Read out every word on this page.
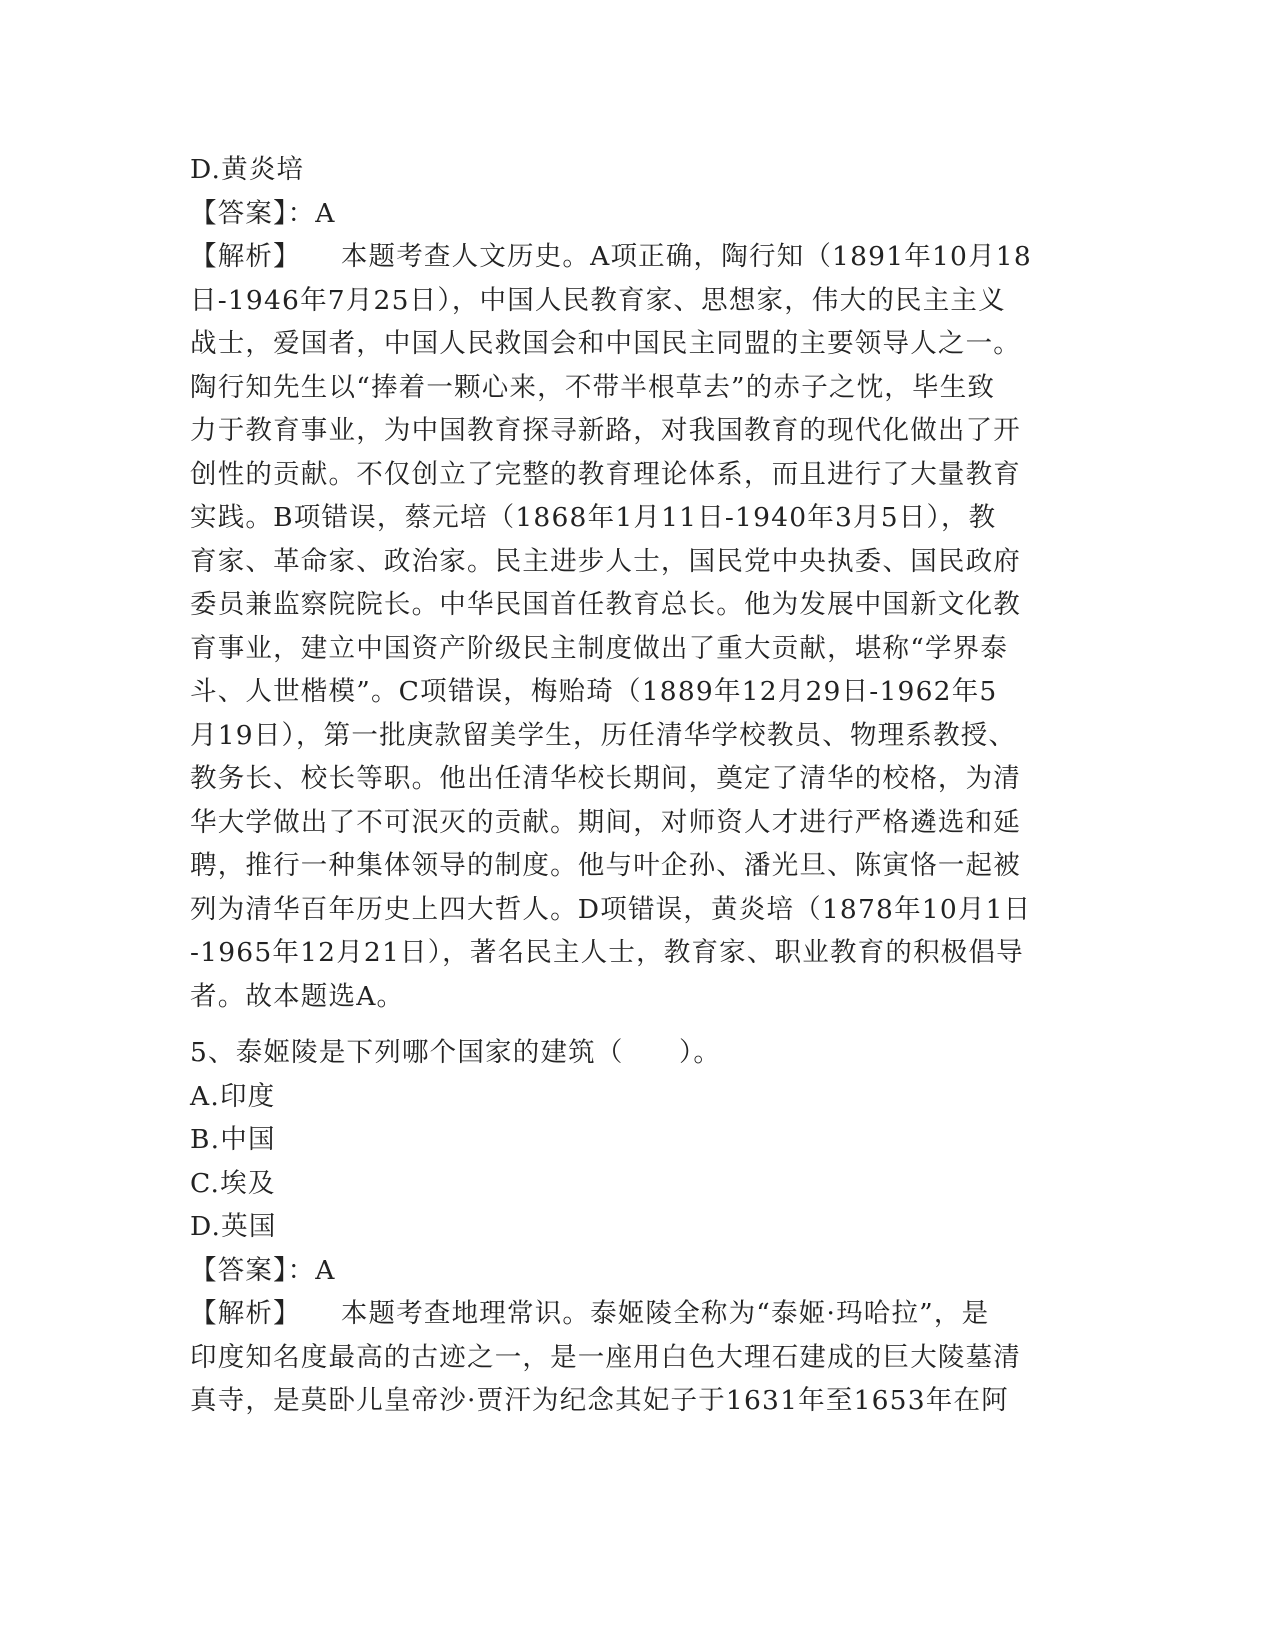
D.黄炎培
【答案】：A
【解析】 本题考查人文历史。A项正确，陶行知（1891年10月18
日-1946年7月25日），中国人民教育家、思想家，伟大的民主主义
战士，爱国者，中国人民救国会和中国民主同盟的主要领导人之一。
陶行知先生以“捧着一颗心来，不带半根草去”的赤子之忱，毕生致
力于教育事业，为中国教育探寻新路，对我国教育的现代化做出了开
创性的贡献。不仅创立了完整的教育理论体系，而且进行了大量教育
实践。B项错误，蔡元培（1868年1月11日-1940年3月5日），教
育家、革命家、政治家。民主进步人士，国民党中央执委、国民政府
委员兼监察院院长。中华民国首任教育总长。他为发展中国新文化教
育事业，建立中国资产阶级民主制度做出了重大贡献，堪称“学界泰
斗、人世楷模”。C项错误，梅贻琦（1889年12月29日-1962年5
月19日），第一批庚款留美学生，历任清华学校教员、物理系教授、
教务长、校长等职。他出任清华校长期间，奠定了清华的校格，为清
华大学做出了不可泯灭的贡献。期间，对师资人才进行严格遴选和延
聘，推行一种集体领导的制度。他与叶企孙、潘光旦、陈寅恪一起被
列为清华百年历史上四大哲人。D项错误，黄炎培（1878年10月1日
-1965年12月21日），著名民主人士，教育家、职业教育的积极倡导
者。故本题选A。
5、泰姬陵是下列哪个国家的建筑（　　）。
A.印度
B.中国
C.埃及
D.英国
【答案】：A
【解析】 本题考查地理常识。泰姬陵全称为“泰姬·玛哈拉”，是
印度知名度最高的古迹之一，是一座用白色大理石建成的巨大陵墓清
真寺，是莫卧儿皇帝沙·贾汗为纪念其妃子于1631年至1653年在阿
